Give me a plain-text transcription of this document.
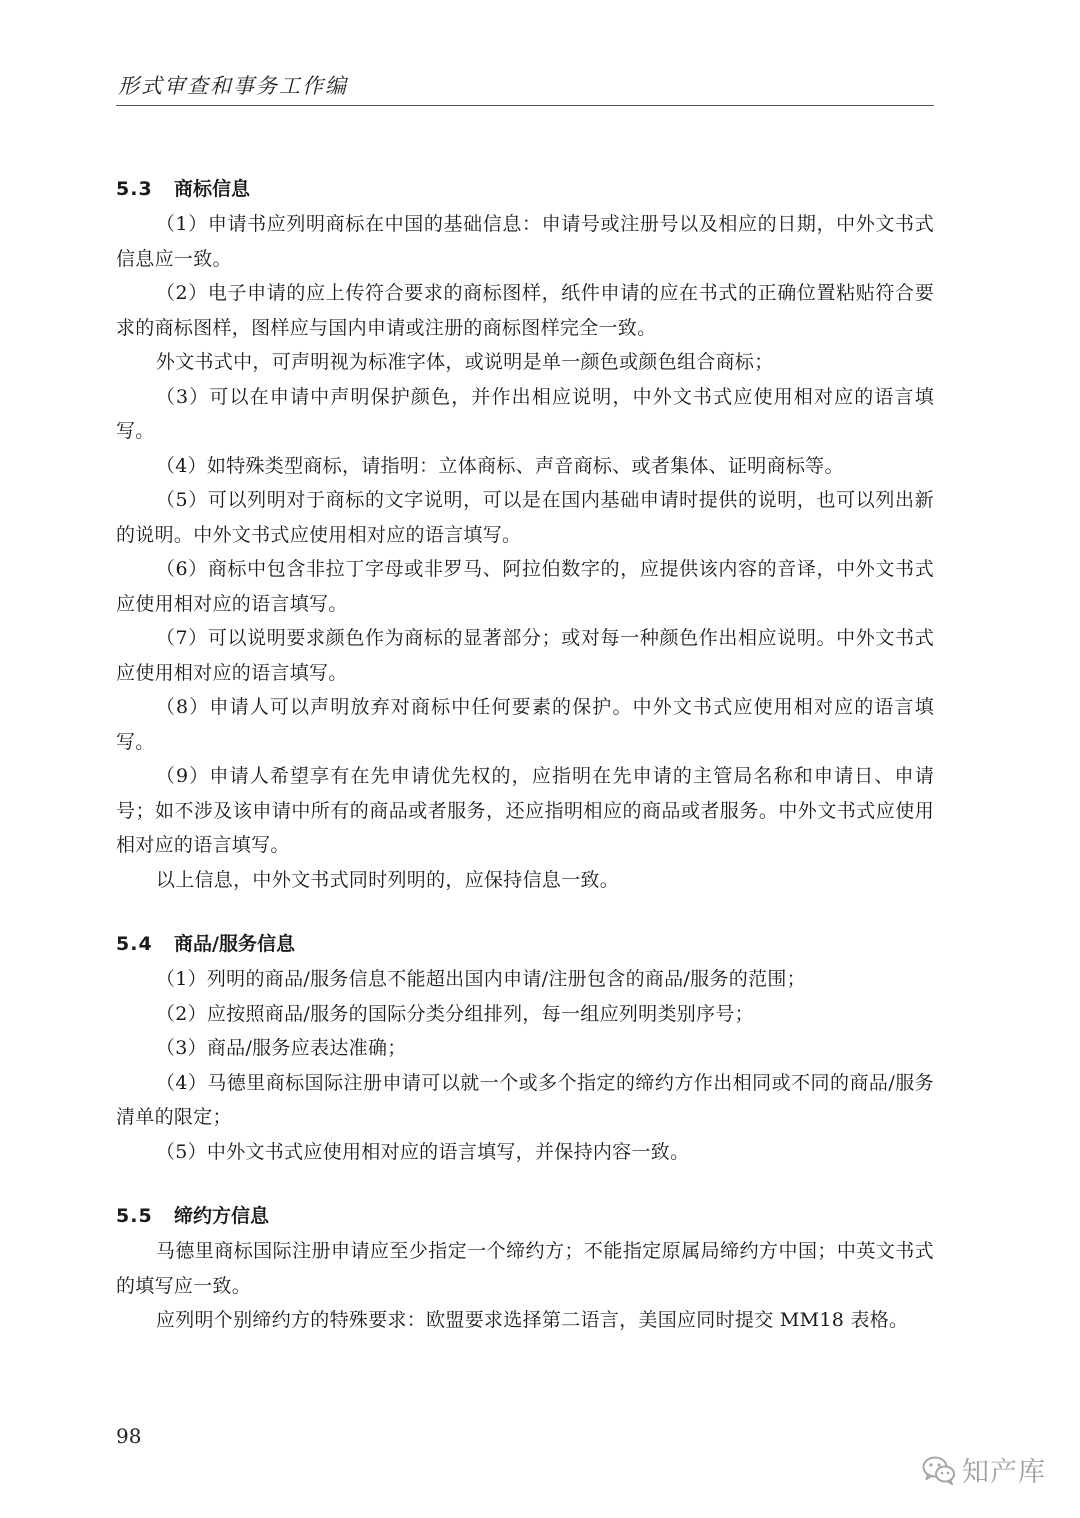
形式审查和事务工作编
5.3 商标信息

（1）申请书应列明商标在中国的基础信息：申请号或注册号以及相应的日期，中外文书式信息应一致。

（2）电子申请的应上传符合要求的商标图样，纸件申请的应在书式的正确位置粘贴符合要求的商标图样，图样应与国内申请或注册的商标图样完全一致。

外文书式中，可声明视为标准字体，或说明是单一颜色或颜色组合商标；

（3）可以在申请中声明保护颜色，并作出相应说明，中外文书式应使用相对应的语言填写。

（4）如特殊类型商标，请指明：立体商标、声音商标、或者集体、证明商标等。

（5）可以列明对于商标的文字说明，可以是在国内基础申请时提供的说明，也可以列出新的说明。中外文书式应使用相对应的语言填写。

（6）商标中包含非拉丁字母或非罗马、阿拉伯数字的，应提供该内容的音译，中外文书式应使用相对应的语言填写。

（7）可以说明要求颜色作为商标的显著部分；或对每一种颜色作出相应说明。中外文书式应使用相对应的语言填写。

（8）申请人可以声明放弃对商标中任何要素的保护。中外文书式应使用相对应的语言填写。

（9）申请人希望享有在先申请优先权的，应指明在先申请的主管局名称和申请日、申请号；如不涉及该申请中所有的商品或者服务，还应指明相应的商品或者服务。中外文书式应使用相对应的语言填写。

以上信息，中外文书式同时列明的，应保持信息一致。

5.4 商品/服务信息

（1）列明的商品/服务信息不能超出国内申请/注册包含的商品/服务的范围；

（2）应按照商品/服务的国际分类分组排列，每一组应列明类别序号；

（3）商品/服务应表达准确；

（4）马德里商标国际注册申请可以就一个或多个指定的缔约方作出相同或不同的商品/服务清单的限定；

（5）中外文书式应使用相对应的语言填写，并保持内容一致。

5.5 缔约方信息

马德里商标国际注册申请应至少指定一个缔约方；不能指定原属局缔约方中国；中英文书式的填写应一致。

应列明个别缔约方的特殊要求：欧盟要求选择第二语言，美国应同时提交 MM18 表格。

98
知产库
